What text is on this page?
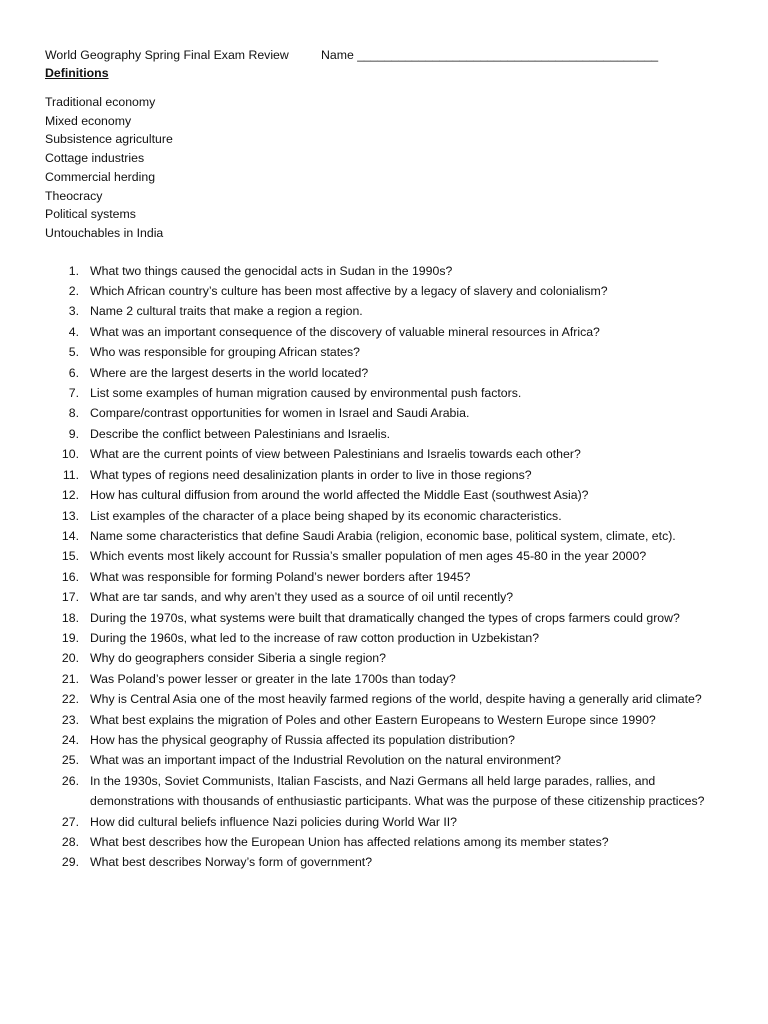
World Geography Spring Final Exam Review	Name ____________________________________________
Definitions
Traditional economy
Mixed economy
Subsistence agriculture
Cottage industries
Commercial herding
Theocracy
Political systems
Untouchables in India
1. What two things caused the genocidal acts in Sudan in the 1990s?
2. Which African country’s culture has been most affective by a legacy of slavery and colonialism?
3. Name 2 cultural traits that make a region a region.
4. What was an important consequence of the discovery of valuable mineral resources in Africa?
5. Who was responsible for grouping African states?
6. Where are the largest deserts in the world located?
7. List some examples of human migration caused by environmental push factors.
8. Compare/contrast opportunities for women in Israel and Saudi Arabia.
9. Describe the conflict between Palestinians and Israelis.
10. What are the current points of view between Palestinians and Israelis towards each other?
11. What types of regions need desalinization plants in order to live in those regions?
12. How has cultural diffusion from around the world affected the Middle East (southwest Asia)?
13. List examples of the character of a place being shaped by its economic characteristics.
14. Name some characteristics that define Saudi Arabia (religion, economic base, political system, climate, etc).
15. Which events most likely account for Russia’s smaller population of men ages 45-80 in the year 2000?
16. What was responsible for forming Poland’s newer borders after 1945?
17. What are tar sands, and why aren’t they used as a source of oil until recently?
18. During the 1970s, what systems were built that dramatically changed the types of crops farmers could grow?
19. During the 1960s, what led to the increase of raw cotton production in Uzbekistan?
20. Why do geographers consider Siberia a single region?
21. Was Poland’s power lesser or greater in the late 1700s than today?
22. Why is Central Asia one of the most heavily farmed regions of the world, despite having a generally arid climate?
23. What best explains the migration of Poles and other Eastern Europeans to Western Europe since 1990?
24. How has the physical geography of Russia affected its population distribution?
25. What was an important impact of the Industrial Revolution on the natural environment?
26. In the 1930s, Soviet Communists, Italian Fascists, and Nazi Germans all held large parades, rallies, and demonstrations with thousands of enthusiastic participants. What was the purpose of these citizenship practices?
27. How did cultural beliefs influence Nazi policies during World War II?
28. What best describes how the European Union has affected relations among its member states?
29. What best describes Norway’s form of government?
